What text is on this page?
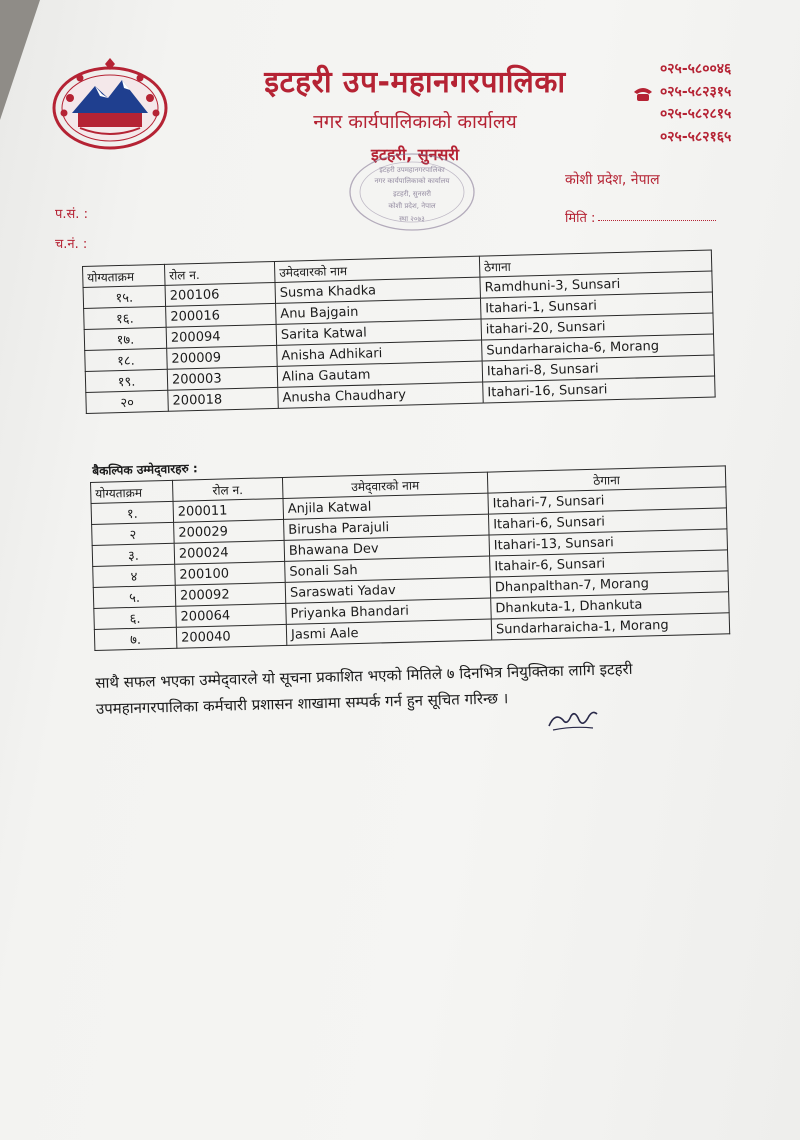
इटहरी उप-महानगरपालिका
नगर कार्यपालिकाको कार्यालय
इटहरी, सुनसरी
०२५-५८००४६
०२५-५८२३१५
०२५-५८२८१५
०२५-५८२१६५
कोशी प्रदेश, नेपाल
इटहरी उपमहानगरपालिका
नगर कार्यपालिकाको कार्यालय
इटहरी, सुनसरी
कोशी प्रदेश, नेपाल
स्था २०७३
प.सं. :
च.नं. :
मिति :
योग्यताक्रम	रोल न.	उमेदवारको नाम	ठेगाना
१५.	200106	Susma Khadka	Ramdhuni-3, Sunsari
१६.	200016	Anu Bajgain	Itahari-1, Sunsari
१७.	200094	Sarita Katwal	itahari-20, Sunsari
१८.	200009	Anisha Adhikari	Sundarharaicha-6, Morang
१९.	200003	Alina Gautam	Itahari-8, Sunsari
२०	200018	Anusha Chaudhary	Itahari-16, Sunsari
बैकल्पिक उम्मेद्‍वारहरु :
योग्यताक्रम	रोल न.	उमेद्‍वारको नाम	ठेगाना
१.	200011	Anjila Katwal	Itahari-7, Sunsari
२	200029	Birusha Parajuli	Itahari-6, Sunsari
३.	200024	Bhawana Dev	Itahari-13, Sunsari
४	200100	Sonali Sah	Itahair-6, Sunsari
५.	200092	Saraswati Yadav	Dhanpalthan-7, Morang
६.	200064	Priyanka Bhandari	Dhankuta-1, Dhankuta
७.	200040	Jasmi Aale	Sundarharaicha-1, Morang
साथै सफल भएका उम्मेद्‍वारले यो सूचना प्रकाशित भएको मितिले ७ दिनभित्र नियुक्तिका लागि इटहरी उपमहानगरपालिका कर्मचारी प्रशासन शाखामा सम्पर्क गर्न हुन सूचित गरिन्छ ।
